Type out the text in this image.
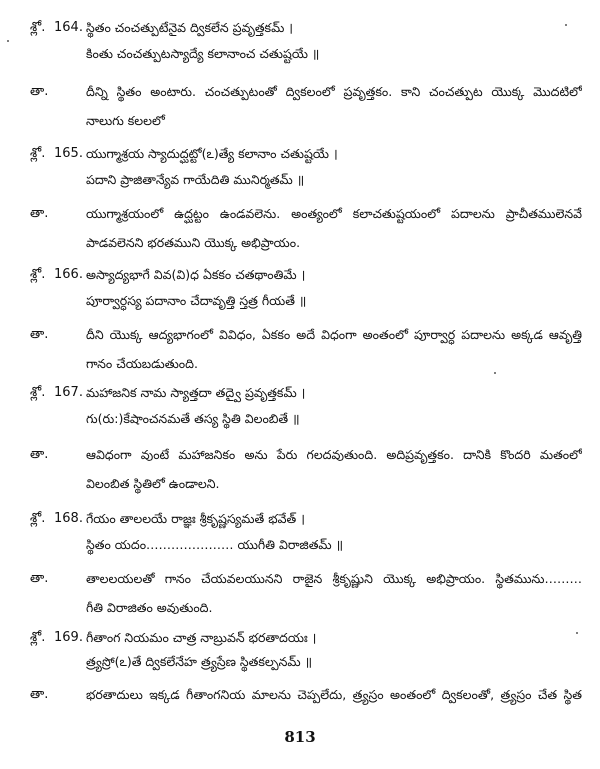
శ్లో. 164. స్థితం చంచత్పుటేనైవ ద్వికలేన ప్రవృత్తకమ్ ।
కింతు చంచత్పుటస్యాద్యే కలానాంచ చతుష్టయే ॥
తా.	దీన్ని స్థితం అంటారు. చంచత్పుటంతో ద్వికలంలో ప్రవృత్తకం. కాని చంచత్పుట యొక్క మొదటిలో
నాలుగు కలలలో
శ్లో. 165. యుగ్మాశ్రయ స్యాదుద్ఘట్టో(ఽ)త్యే కలానాం చతుష్టయే ।
పదాని ప్రాజితాన్యేవ గాయేదితి మునిర్మతమ్ ॥
తా.	యుగ్మాశ్రయంలో ఉద్ఘట్టం ఉండవలెను. అంత్యంలో కలాచతుష్టయంలో పదాలను ప్రాచీతములెనవే
పాడవలెనని భరతముని యొక్క అభిప్రాయం.
శ్లో. 166. అస్యాద్యభాగే వివ(వి)ధ ఏకకం చతథాంతిమే ।
పూర్వార్ధస్య పదానాం చేదావృత్తి స్తత్ర గీయతే ॥
తా.	దీని యొక్క ఆద్యభాగంలో వివిధం, ఏకకం అదే విధంగా అంతంలో పూర్వార్ధ పదాలను అక్కడ ఆవృత్తి
గానం చేయబడుతుంది.
శ్లో. 167. మహాజనిక నామ స్యాత్తదా తద్వై ప్రవృత్తకమ్ ।
గు(రు:)కేషాంచనమతే తస్య స్థితి విలంబితే ॥
తా.	ఆవిధంగా వుంటే మహాజనికం అను పేరు గలదవుతుంది. అదిప్రవృత్తకం. దానికి కొందరి మతంలో
విలంబిత స్థితిలో ఉండాలని.
శ్లో. 168. గేయం తాలలయే రాజ్ఞః శ్రీకృష్ణస్యమతే భవేత్ ।
స్థితం యదం………………… యుగీతి విరాజితమ్ ॥
తా.	తాలలయలతో గానం చేయవలయునని రాజైన శ్రీకృష్ణుని యొక్క అభిప్రాయం. స్థితమును………
గీతి విరాజితం అవుతుంది.
శ్లో. 169. గీతాంగ నియమం చాత్ర నాబ్రువన్ భరతాదయః ।
త్ర్యస్రో(ఽ)తే ద్వికలేనేహ త్ర్యస్రేణ స్థితకల్పనమ్ ॥
తా.	భరతాదులు ఇక్కడ గీతాంగనియ మాలను చెప్పలేదు, త్ర్యస్రం అంతంలో ద్వికలంతో, త్ర్యస్రం చేత స్థిత
813
